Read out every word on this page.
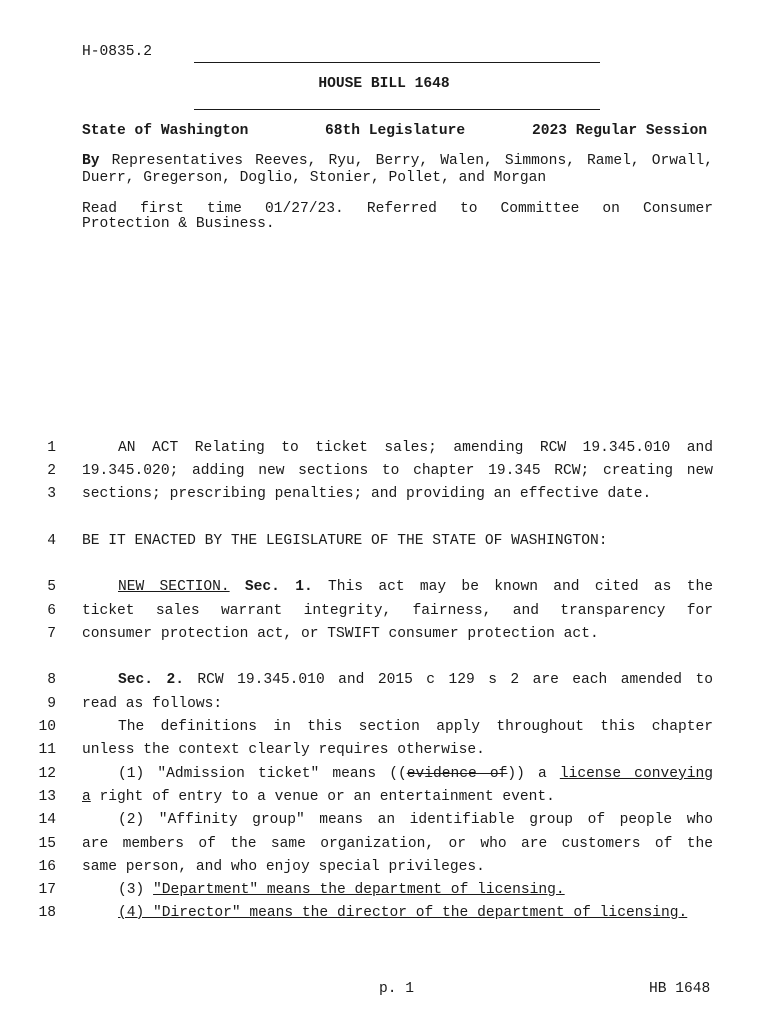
H-0835.2
HOUSE BILL 1648
State of Washington	68th Legislature	2023 Regular Session
By Representatives Reeves, Ryu, Berry, Walen, Simmons, Ramel, Orwall,
Duerr, Gregerson, Doglio, Stonier, Pollet, and Morgan
Read first time 01/27/23. Referred to Committee on Consumer
Protection & Business.
1
2
3
4
5
6
7
8
9
10
11
12
13
14
15
16
17
18
AN ACT Relating to ticket sales; amending RCW 19.345.010 and
19.345.020; adding new sections to chapter 19.345 RCW; creating new
sections; prescribing penalties; and providing an effective date.
BE IT ENACTED BY THE LEGISLATURE OF THE STATE OF WASHINGTON:
NEW SECTION. Sec. 1. This act may be known and cited as the
ticket sales warrant integrity, fairness, and transparency for
consumer protection act, or TSWIFT consumer protection act.
Sec. 2. RCW 19.345.010 and 2015 c 129 s 2 are each amended to
read as follows:
The definitions in this section apply throughout this chapter
unless the context clearly requires otherwise.
(1) "Admission ticket" means ((evidence of)) a license conveying
a right of entry to a venue or an entertainment event.
(2) "Affinity group" means an identifiable group of people who
are members of the same organization, or who are customers of the
same person, and who enjoy special privileges.
(3) "Department" means the department of licensing.
(4) "Director" means the director of the department of licensing.
p. 1	HB 1648
